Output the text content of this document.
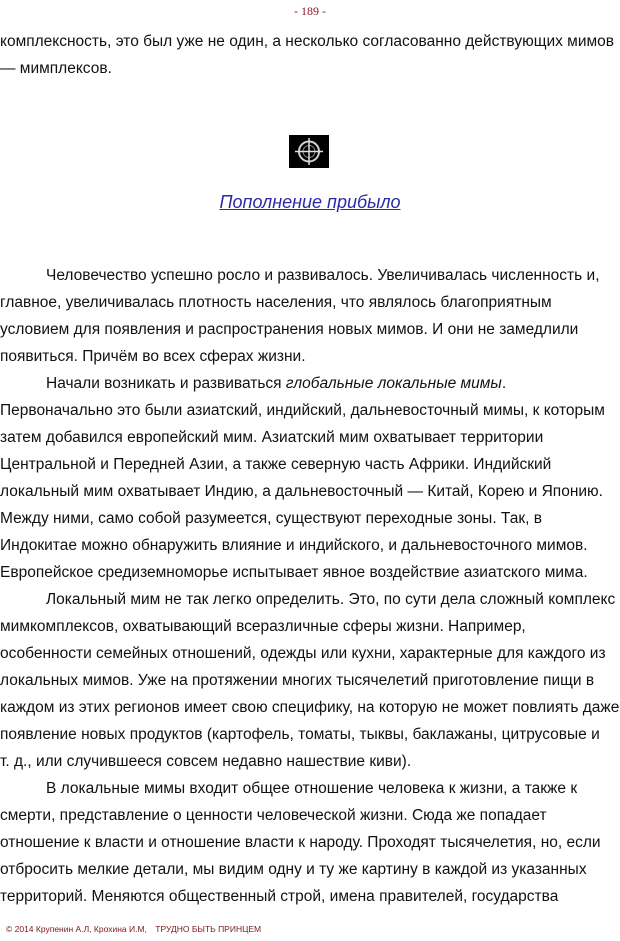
- 189 -
комплексность, это был уже не один, а несколько согласованно действующих мимов
— мимплексов.
Пополнение прибыло
Человечество успешно росло и развивалось. Увеличивалась численность и,
главное, увеличивалась плотность населения, что являлось благоприятным
условием для появления и распространения новых мимов. И они не замедлили
появиться. Причём во всех сферах жизни.
Начали возникать и развиваться глобальные локальные мимы.
Первоначально это были азиатский, индийский, дальневосточный мимы, к которым
затем добавился европейский мим. Азиатский мим охватывает территории
Центральной и Передней Азии, а также северную часть Африки. Индийский
локальный мим охватывает Индию, а дальневосточный — Китай, Корею и Японию.
Между ними, само собой разумеется, существуют переходные зоны. Так, в
Индокитае можно обнаружить влияние и индийского, и дальневосточного мимов.
Европейское средиземноморье испытывает явное воздействие азиатского мима.
Локальный мим не так легко определить. Это, по сути дела сложный комплекс
мимкомплексов, охватывающий всеразличные сферы жизни. Например,
особенности семейных отношений, одежды или кухни, характерные для каждого из
локальных мимов. Уже на протяжении многих тысячелетий приготовление пищи в
каждом из этих регионов имеет свою специфику, на которую не может повлиять даже
появление новых продуктов (картофель, томаты, тыквы, баклажаны, цитрусовые и
т. д., или случившееся совсем недавно нашествие киви).
В локальные мимы входит общее отношение человека к жизни, а также к
смерти, представление о ценности человеческой жизни. Сюда же попадает
отношение к власти и отношение власти к народу. Проходят тысячелетия, но, если
отбросить мелкие детали, мы видим одну и ту же картину в каждой из указанных
территорий. Меняются общественный строй, имена правителей, государства
© 2014 Крупенин А.Л, Крохина И.М, ТРУДНО БЫТЬ ПРИНЦЕМ
